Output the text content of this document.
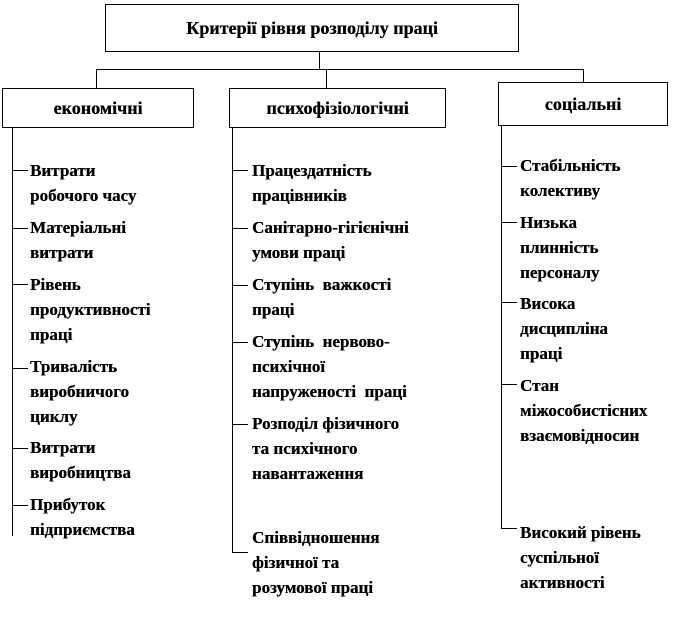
Критерії рівня розподілу праці
економічні	психофізіологічні	соціальні
Витрати
робочого часу
Матеріальні
витрати
Рівень
продуктивності
праці
Тривалість
виробничого
циклу
Витрати
виробництва
Прибуток
підприємства
Працездатність
працівників
Санітарно-гігієнічні
умови праці
Ступінь  важкості
праці
Ступінь  нервово-
психічної
напруженості  праці
Розподіл фізичного
та психічного
навантаження
Співвідношення
фізичної та
розумової праці
Стабільність
колективу
Низька
плинність
персоналу
Висока
дисципліна
праці
Стан
міжособистісних
взаємовідносин
Високий рівень
суспільної
активності
